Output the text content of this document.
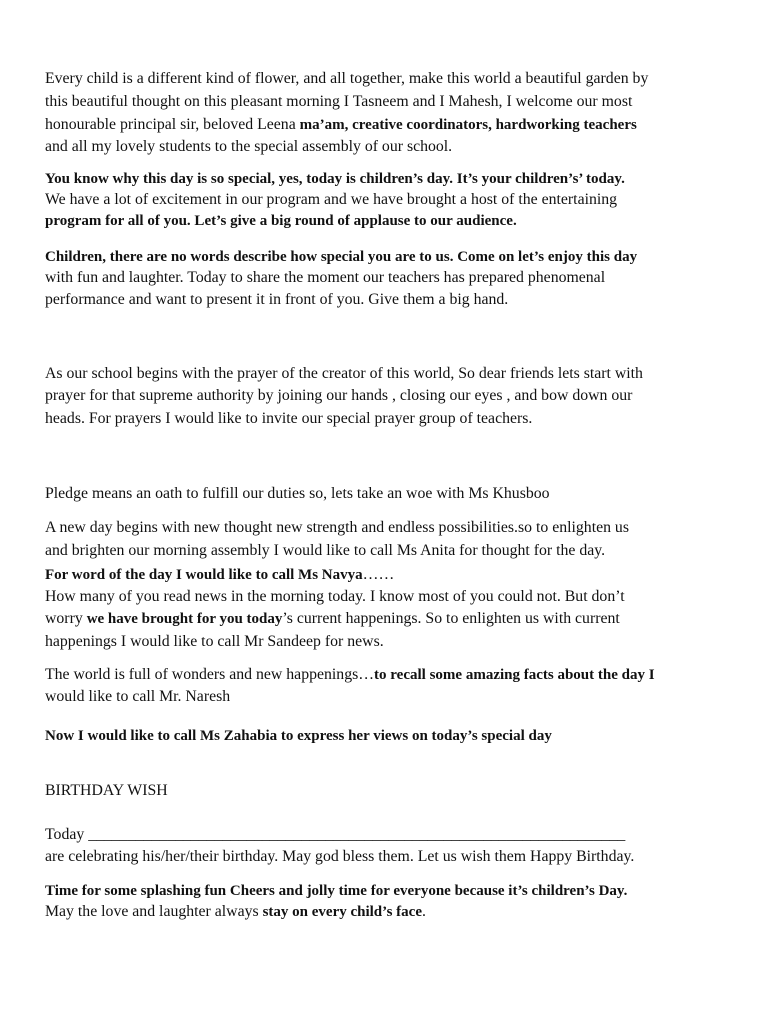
Every child is a different kind of flower, and all together, make this world a beautiful garden by
this beautiful thought on this pleasant morning I Tasneem and I Mahesh, I welcome our most
honourable principal sir, beloved Leena ma’am, creative coordinators, hardworking teachers
and all my lovely students to the special assembly of our school.
You know why this day is so special, yes, today is children’s day. It’s your children’s’ today.
We have a lot of excitement in our program and we have brought a host of the entertaining
program for all of you. Let’s give a big round of applause to our audience.
Children, there are no words describe how special you are to us. Come on let’s enjoy this day
with fun and laughter. Today to share the moment our teachers has prepared phenomenal
performance and want to present it in front of you. Give them a big hand.
As our school begins with the prayer of the creator of this world, So dear friends lets start with
prayer for that supreme authority by joining our hands , closing our eyes , and bow down our
heads. For prayers I would like to invite our special prayer group of teachers.
Pledge means an oath to fulfill our duties so, lets take an woe with Ms Khusboo
A new day begins with new thought new strength and endless possibilities.so to enlighten us
and brighten our morning assembly I would like to call Ms Anita for thought for the day.
For word of the day I would like to call Ms Navya……
How many of you read news in the morning today. I know most of you could not. But don’t
worry we have brought for you today’s current happenings. So to enlighten us with current
happenings I would like to call Mr Sandeep for news.
The world is full of wonders and new happenings…to recall some amazing facts about the day I
would like to call Mr. Naresh
Now I would like to call Ms Zahabia to express her views on today’s special day
BIRTHDAY WISH
Today ____________________________________________________________________
are celebrating his/her/their birthday. May god bless them. Let us wish them Happy Birthday.
Time for some splashing fun Cheers and jolly time for everyone because it’s children’s Day.
May the love and laughter always stay on every child’s face.
